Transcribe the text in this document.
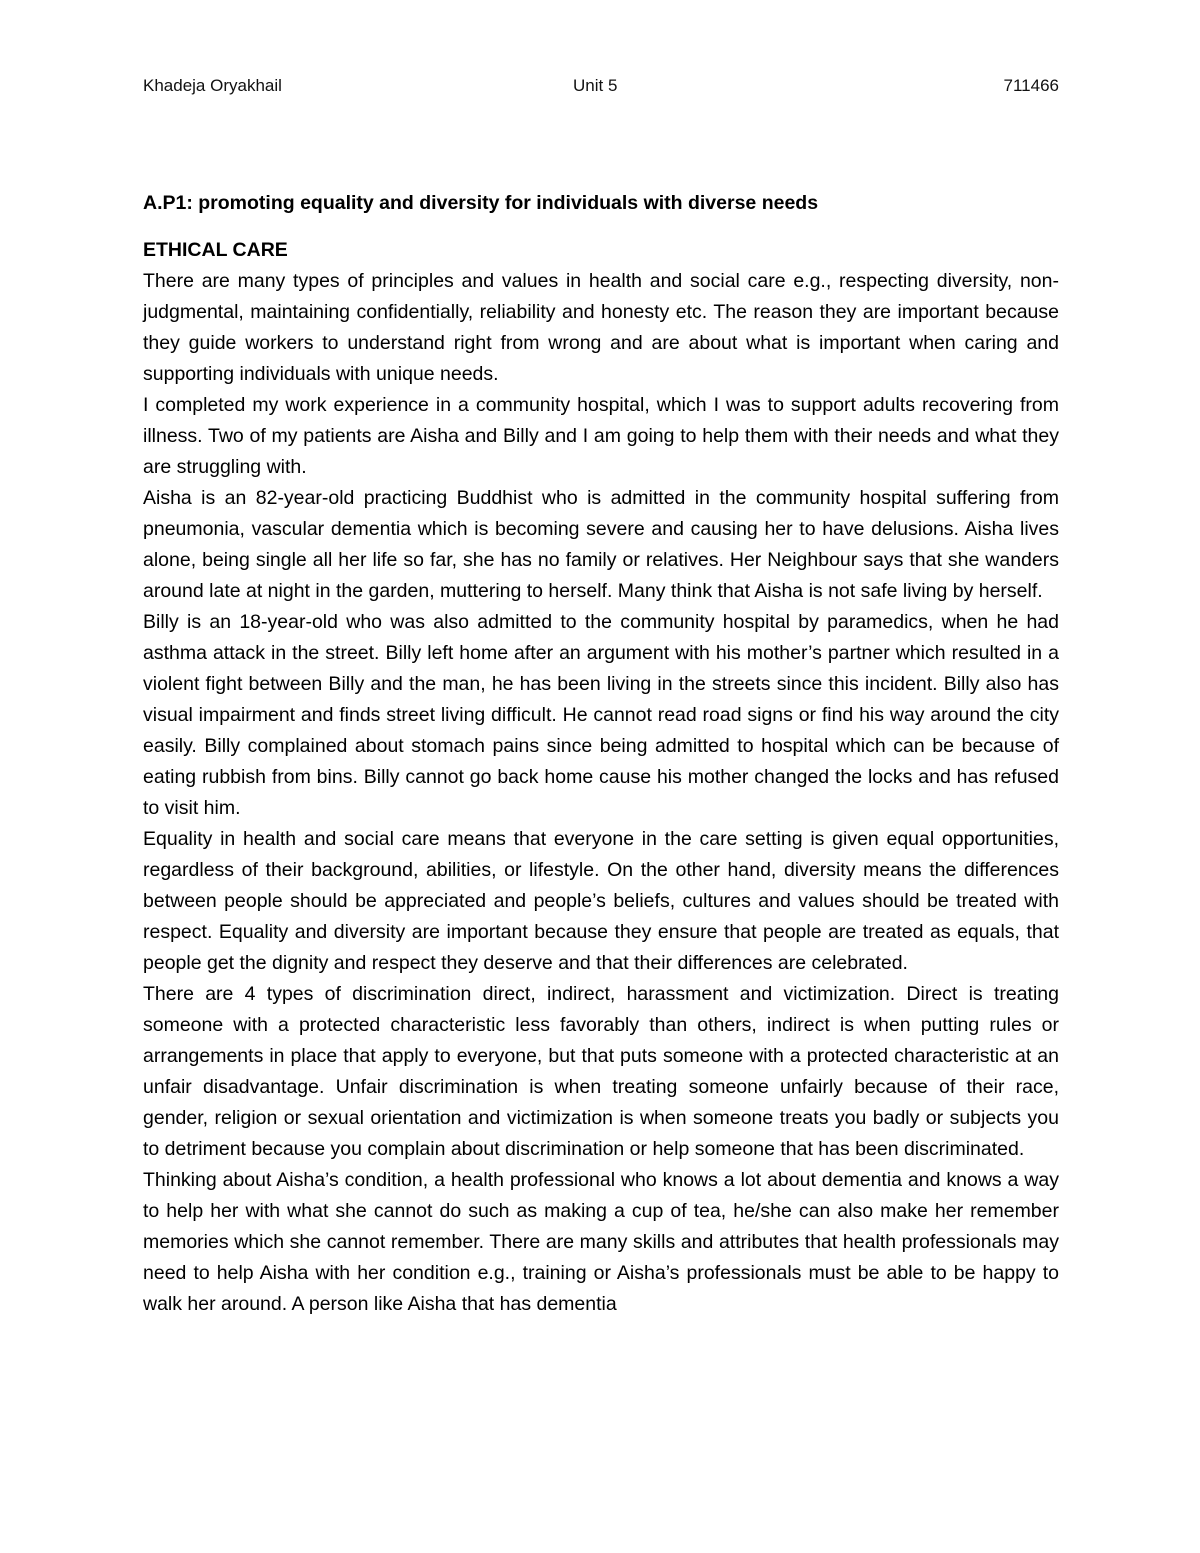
Khadeja Oryakhail	Unit 5	711466

A.P1: promoting equality and diversity for individuals with diverse needs

ETHICAL CARE

There are many types of principles and values in health and social care e.g., respecting diversity, non-judgmental, maintaining confidentially, reliability and honesty etc. The reason they are important because they guide workers to understand right from wrong and are about what is important when caring and supporting individuals with unique needs.

I completed my work experience in a community hospital, which I was to support adults recovering from illness. Two of my patients are Aisha and Billy and I am going to help them with their needs and what they are struggling with.

Aisha is an 82-year-old practicing Buddhist who is admitted in the community hospital suffering from pneumonia, vascular dementia which is becoming severe and causing her to have delusions. Aisha lives alone, being single all her life so far, she has no family or relatives. Her Neighbour says that she wanders around late at night in the garden, muttering to herself. Many think that Aisha is not safe living by herself.

Billy is an 18-year-old who was also admitted to the community hospital by paramedics, when he had asthma attack in the street. Billy left home after an argument with his mother’s partner which resulted in a violent fight between Billy and the man, he has been living in the streets since this incident. Billy also has visual impairment and finds street living difficult. He cannot read road signs or find his way around the city easily. Billy complained about stomach pains since being admitted to hospital which can be because of eating rubbish from bins. Billy cannot go back home cause his mother changed the locks and has refused to visit him.

Equality in health and social care means that everyone in the care setting is given equal opportunities, regardless of their background, abilities, or lifestyle. On the other hand, diversity means the differences between people should be appreciated and people’s beliefs, cultures and values should be treated with respect. Equality and diversity are important because they ensure that people are treated as equals, that people get the dignity and respect they deserve and that their differences are celebrated.

There are 4 types of discrimination direct, indirect, harassment and victimization. Direct is treating someone with a protected characteristic less favorably than others, indirect is when putting rules or arrangements in place that apply to everyone, but that puts someone with a protected characteristic at an unfair disadvantage. Unfair discrimination is when treating someone unfairly because of their race, gender, religion or sexual orientation and victimization is when someone treats you badly or subjects you to detriment because you complain about discrimination or help someone that has been discriminated.

Thinking about Aisha’s condition, a health professional who knows a lot about dementia and knows a way to help her with what she cannot do such as making a cup of tea, he/she can also make her remember memories which she cannot remember. There are many skills and attributes that health professionals may need to help Aisha with her condition e.g., training or Aisha’s professionals must be able to be happy to walk her around. A person like Aisha that has dementia
